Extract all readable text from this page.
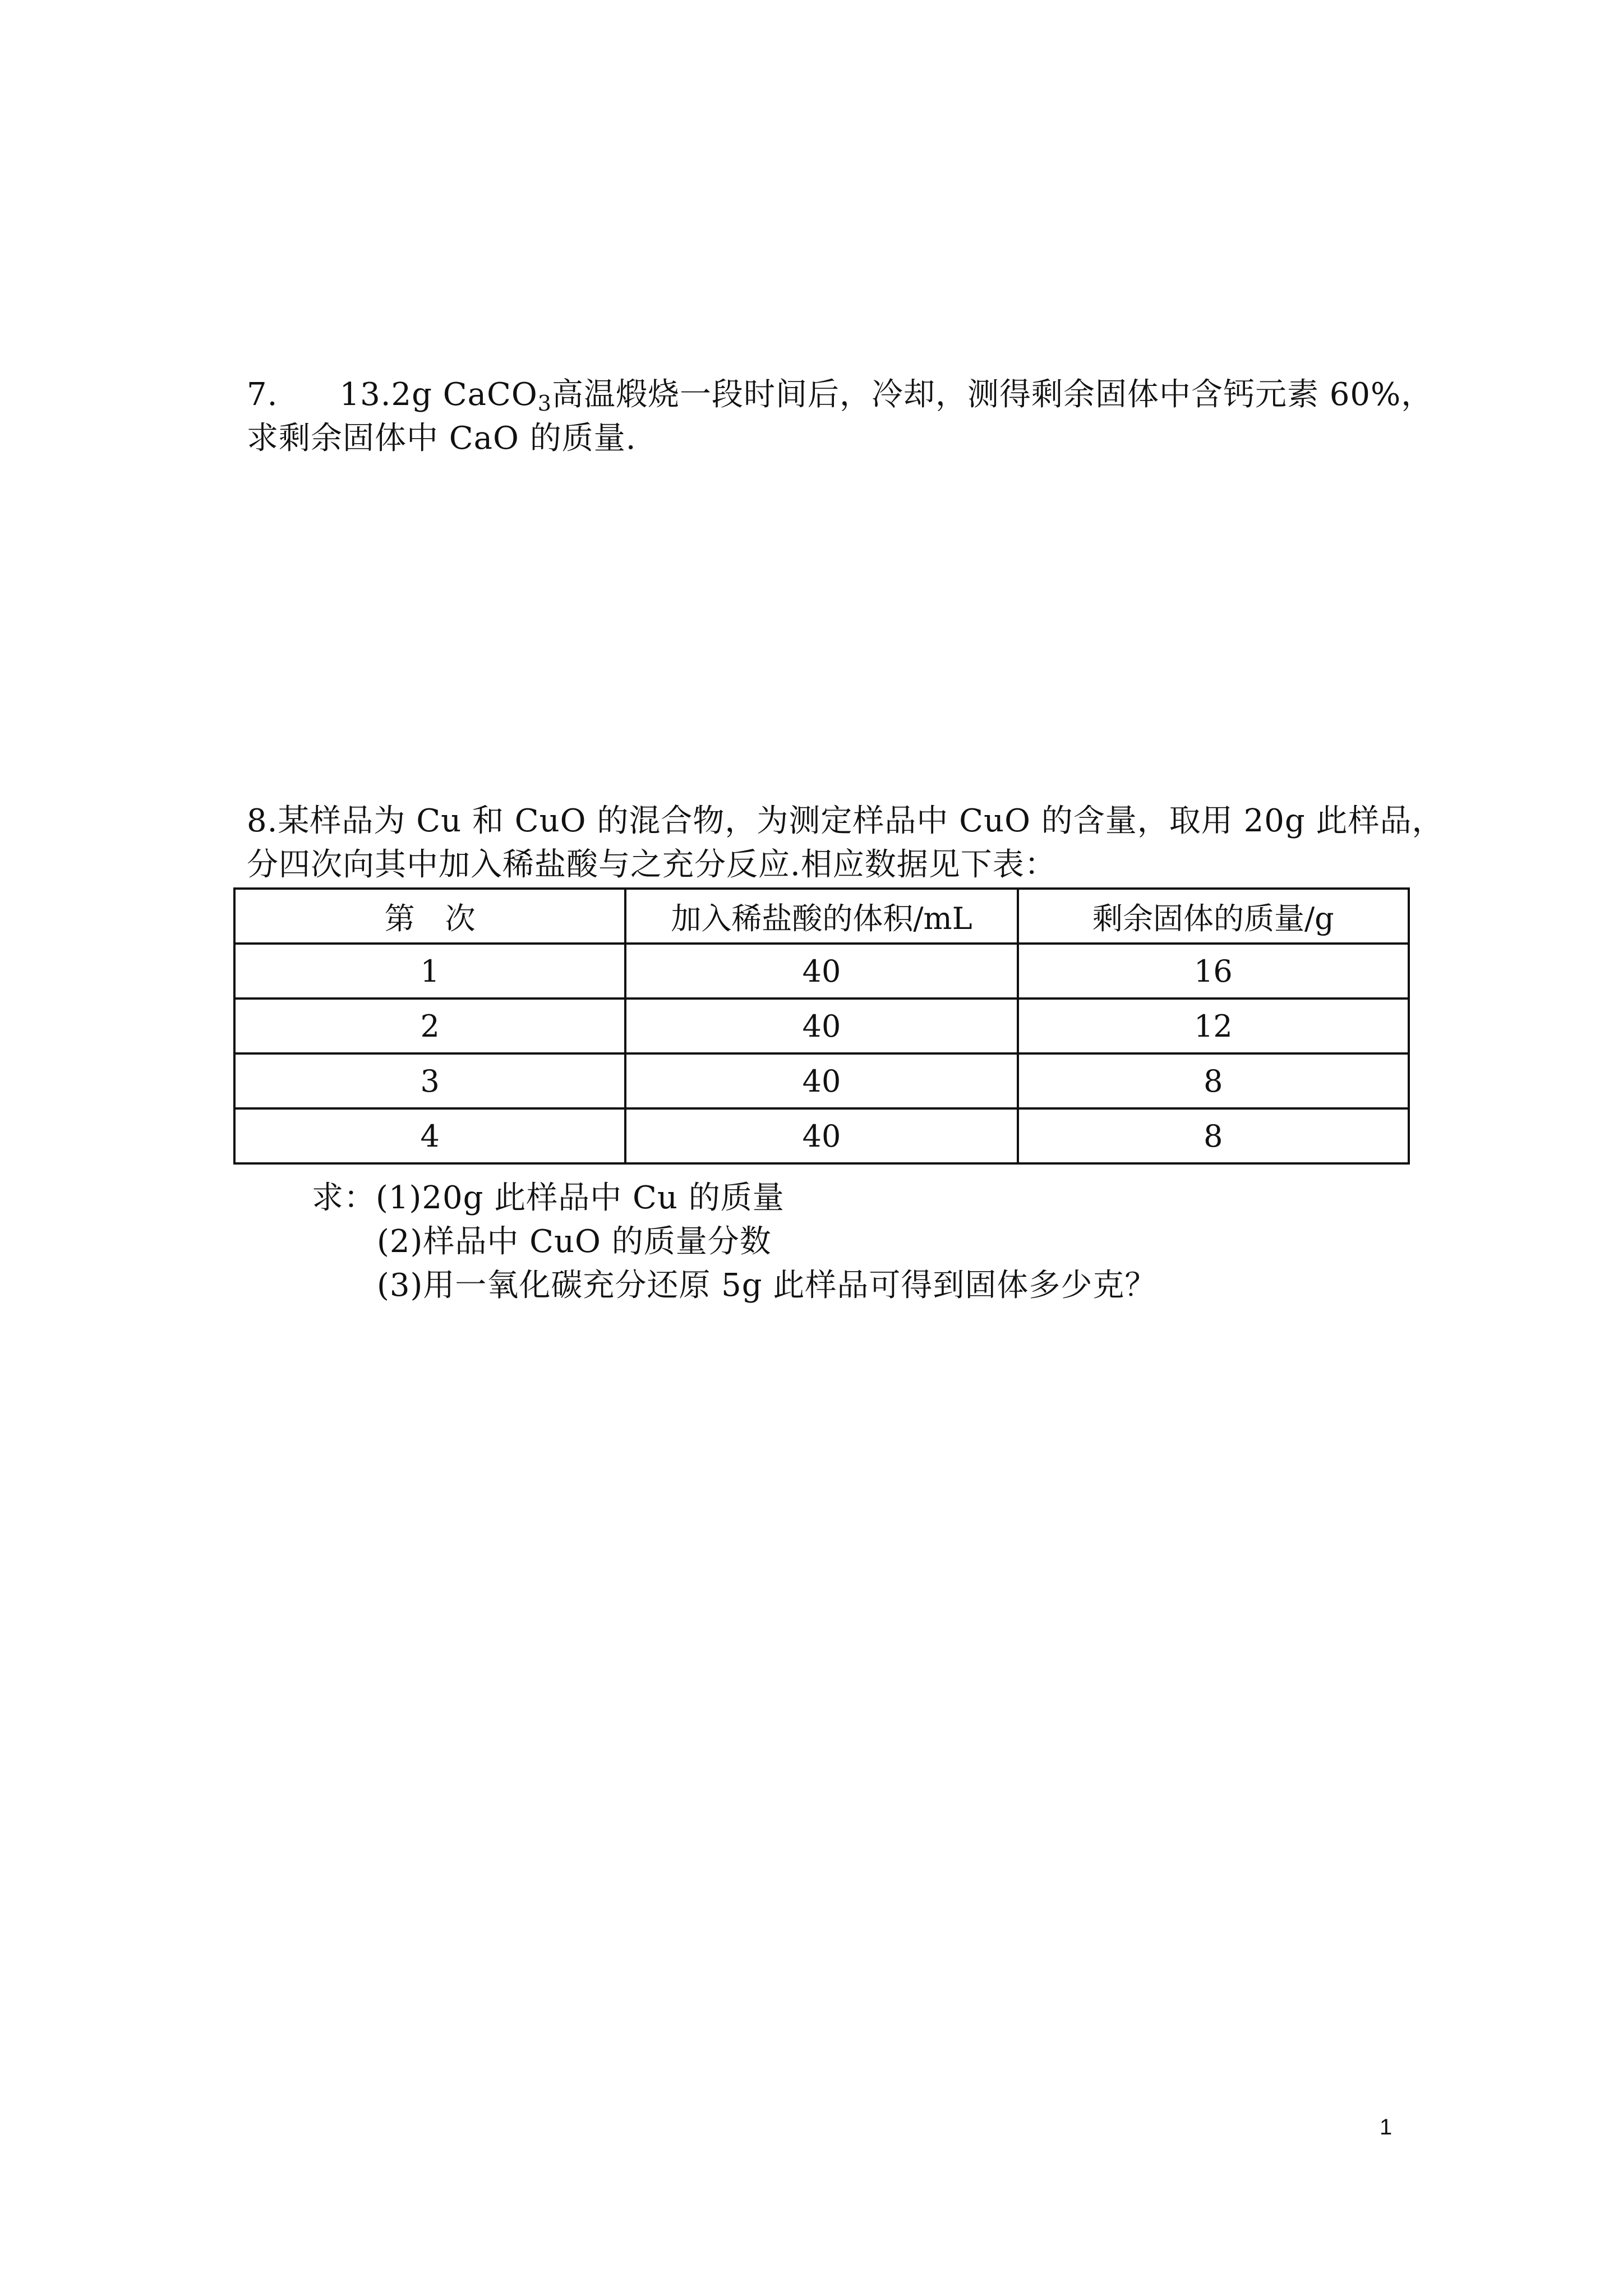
7. 13.2g CaCO$_3$高温煅烧一段时间后，冷却，测得剩余固体中含钙元素 60%，
求剩余固体中 CaO 的质量.
8.某样品为 Cu 和 CuO 的混合物，为测定样品中 CuO 的含量，取用 20g 此样品，
分四次向其中加入稀盐酸与之充分反应.相应数据见下表：
第　次	加入稀盐酸的体积/mL	剩余固体的质量/g
1	40	16
2	40	12
3	40	8
4	40	8
求：(1)20g 此样品中 Cu 的质量
(2)样品中 CuO 的质量分数
(3)用一氧化碳充分还原 5g 此样品可得到固体多少克？
1
